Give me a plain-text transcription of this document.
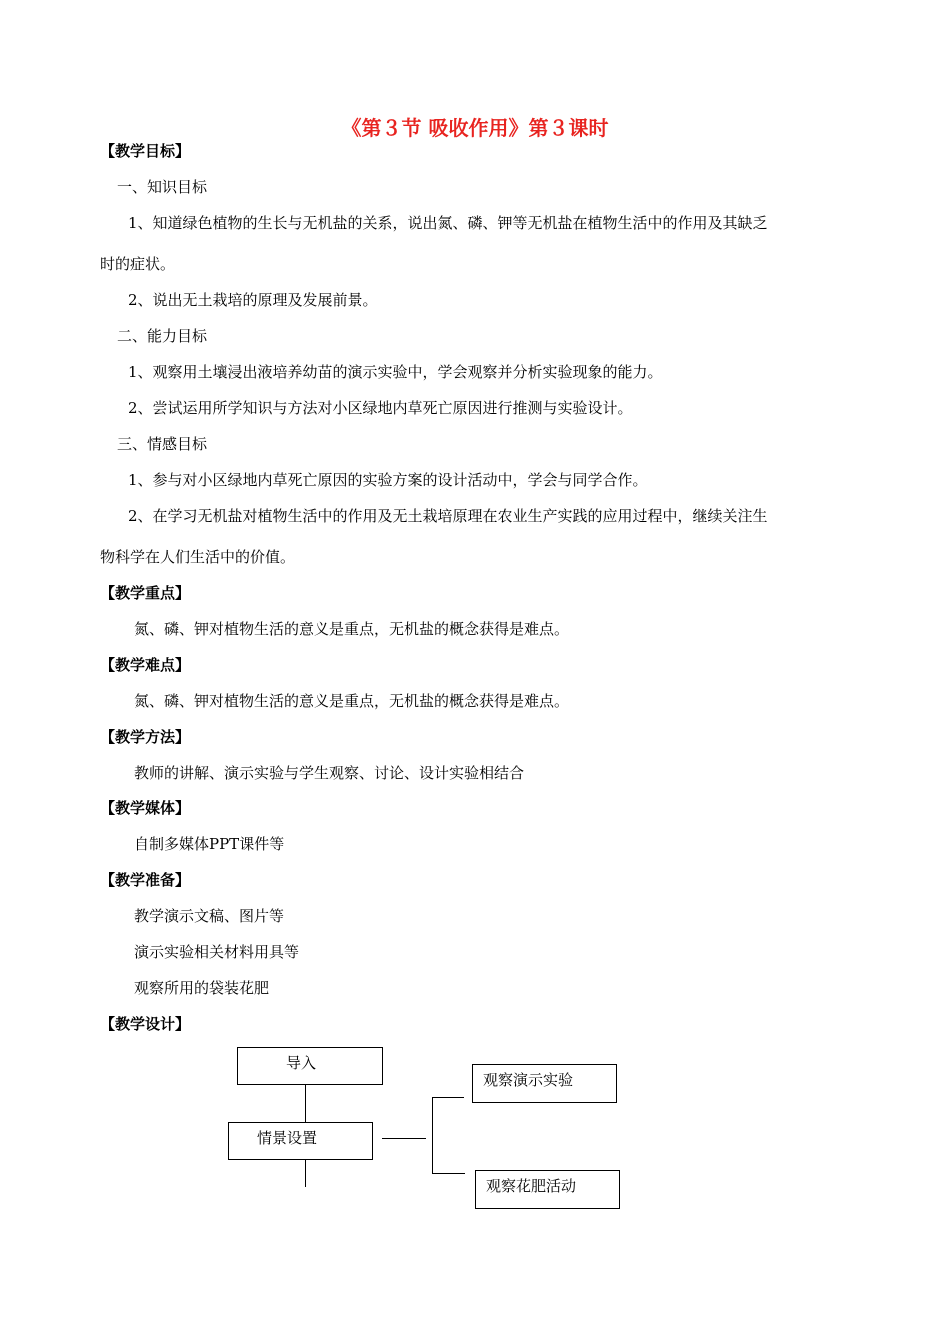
《第３节 吸收作用》第３课时
【教学目标】
一、知识目标
1、知道绿色植物的生长与无机盐的关系，说出氮、磷、钾等无机盐在植物生活中的作用及其缺乏
时的症状。
2、说出无土栽培的原理及发展前景。
二、能力目标
1、观察用土壤浸出液培养幼苗的演示实验中，学会观察并分析实验现象的能力。
2、尝试运用所学知识与方法对小区绿地内草死亡原因进行推测与实验设计。
三、情感目标
1、参与对小区绿地内草死亡原因的实验方案的设计活动中，学会与同学合作。
2、在学习无机盐对植物生活中的作用及无土栽培原理在农业生产实践的应用过程中，继续关注生
物科学在人们生活中的价值。
【教学重点】
氮、磷、钾对植物生活的意义是重点，无机盐的概念获得是难点。
【教学难点】
氮、磷、钾对植物生活的意义是重点，无机盐的概念获得是难点。
【教学方法】
教师的讲解、演示实验与学生观察、讨论、设计实验相结合
【教学媒体】
自制多媒体PPT课件等
【教学准备】
教学演示文稿、图片等
演示实验相关材料用具等
观察所用的袋装花肥
【教学设计】
导入
情景设置
观察演示实验
观察花肥活动
